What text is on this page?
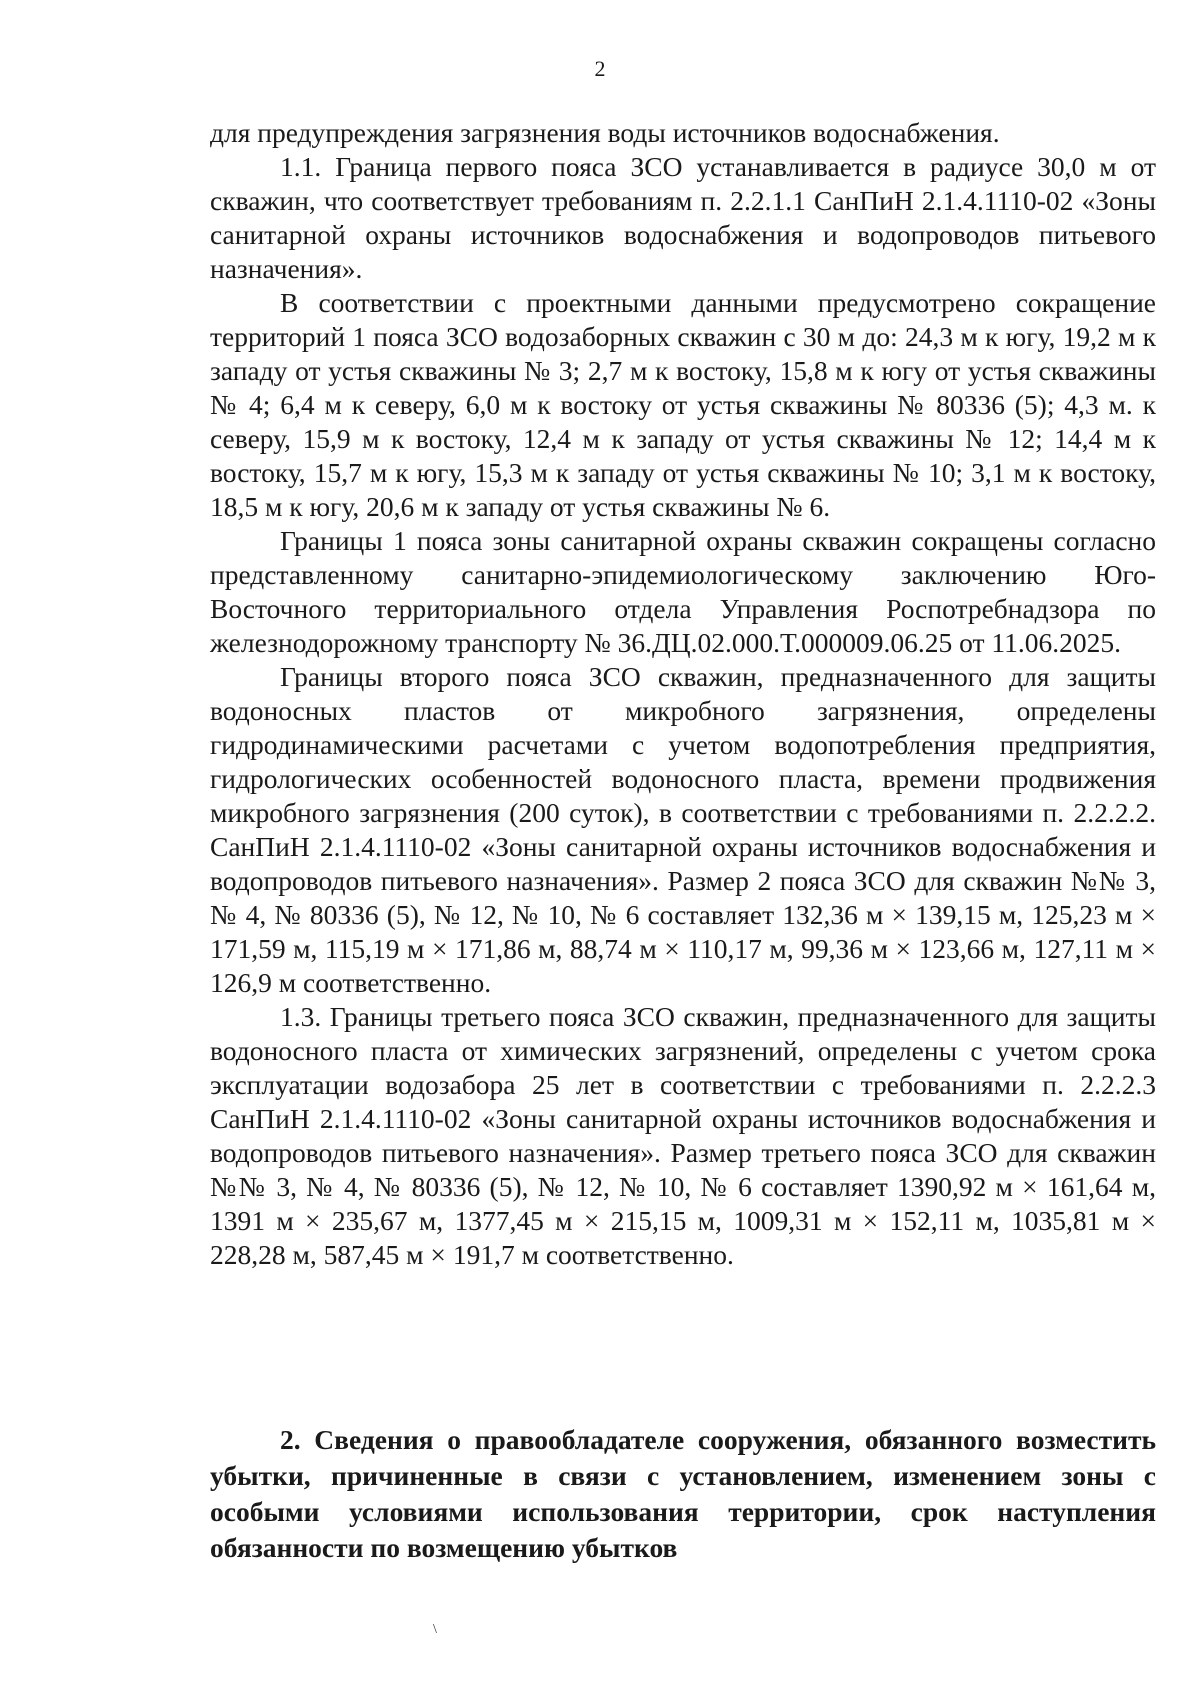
2

для предупреждения загрязнения воды источников водоснабжения.

1.1. Граница первого пояса ЗСО устанавливается в радиусе 30,0 м от скважин, что соответствует требованиям п. 2.2.1.1 СанПиН 2.1.4.1110-02 «Зоны санитарной охраны источников водоснабжения и водопроводов питьевого назначения».

В соответствии с проектными данными предусмотрено сокращение территорий 1 пояса ЗСО водозаборных скважин с 30 м до: 24,3 м к югу, 19,2 м к западу от устья скважины № 3; 2,7 м к востоку, 15,8 м к югу от устья скважины № 4; 6,4 м к северу, 6,0 м к востоку от устья скважины № 80336 (5); 4,3 м. к северу, 15,9 м к востоку, 12,4 м к западу от устья скважины № 12; 14,4 м к востоку, 15,7 м к югу, 15,3 м к западу от устья скважины № 10; 3,1 м к востоку, 18,5 м к югу, 20,6 м к западу от устья скважины № 6.

Границы 1 пояса зоны санитарной охраны скважин сокращены согласно представленному санитарно-эпидемиологическому заключению Юго-Восточного территориального отдела Управления Роспотребнадзора по железнодорожному транспорту № 36.ДЦ.02.000.Т.000009.06.25 от 11.06.2025.

Границы второго пояса ЗСО скважин, предназначенного для защиты водоносных пластов от микробного загрязнения, определены гидродинамическими расчетами с учетом водопотребления предприятия, гидрологических особенностей водоносного пласта, времени продвижения микробного загрязнения (200 суток), в соответствии с требованиями п. 2.2.2.2. СанПиН 2.1.4.1110-02 «Зоны санитарной охраны источников водоснабжения и водопроводов питьевого назначения». Размер 2 пояса ЗСО для скважин №№ 3, № 4, № 80336 (5), № 12, № 10, № 6 составляет 132,36 м × 139,15 м, 125,23 м × 171,59 м, 115,19 м × 171,86 м, 88,74 м × 110,17 м, 99,36 м × 123,66 м, 127,11 м × 126,9 м соответственно.

1.3. Границы третьего пояса ЗСО скважин, предназначенного для защиты водоносного пласта от химических загрязнений, определены с учетом срока эксплуатации водозабора 25 лет в соответствии с требованиями п. 2.2.2.3 СанПиН 2.1.4.1110-02 «Зоны санитарной охраны источников водоснабжения и водопроводов питьевого назначения». Размер третьего пояса ЗСО для скважин №№ 3, № 4, № 80336 (5), № 12, № 10, № 6 составляет 1390,92 м × 161,64 м, 1391 м × 235,67 м, 1377,45 м × 215,15 м, 1009,31 м × 152,11 м, 1035,81 м × 228,28 м, 587,45 м × 191,7 м соответственно.

2. Сведения о правообладателе сооружения, обязанного возместить убытки, причиненные в связи с установлением, изменением зоны с особыми условиями использования территории, срок наступления обязанности по возмещению убытков

\
